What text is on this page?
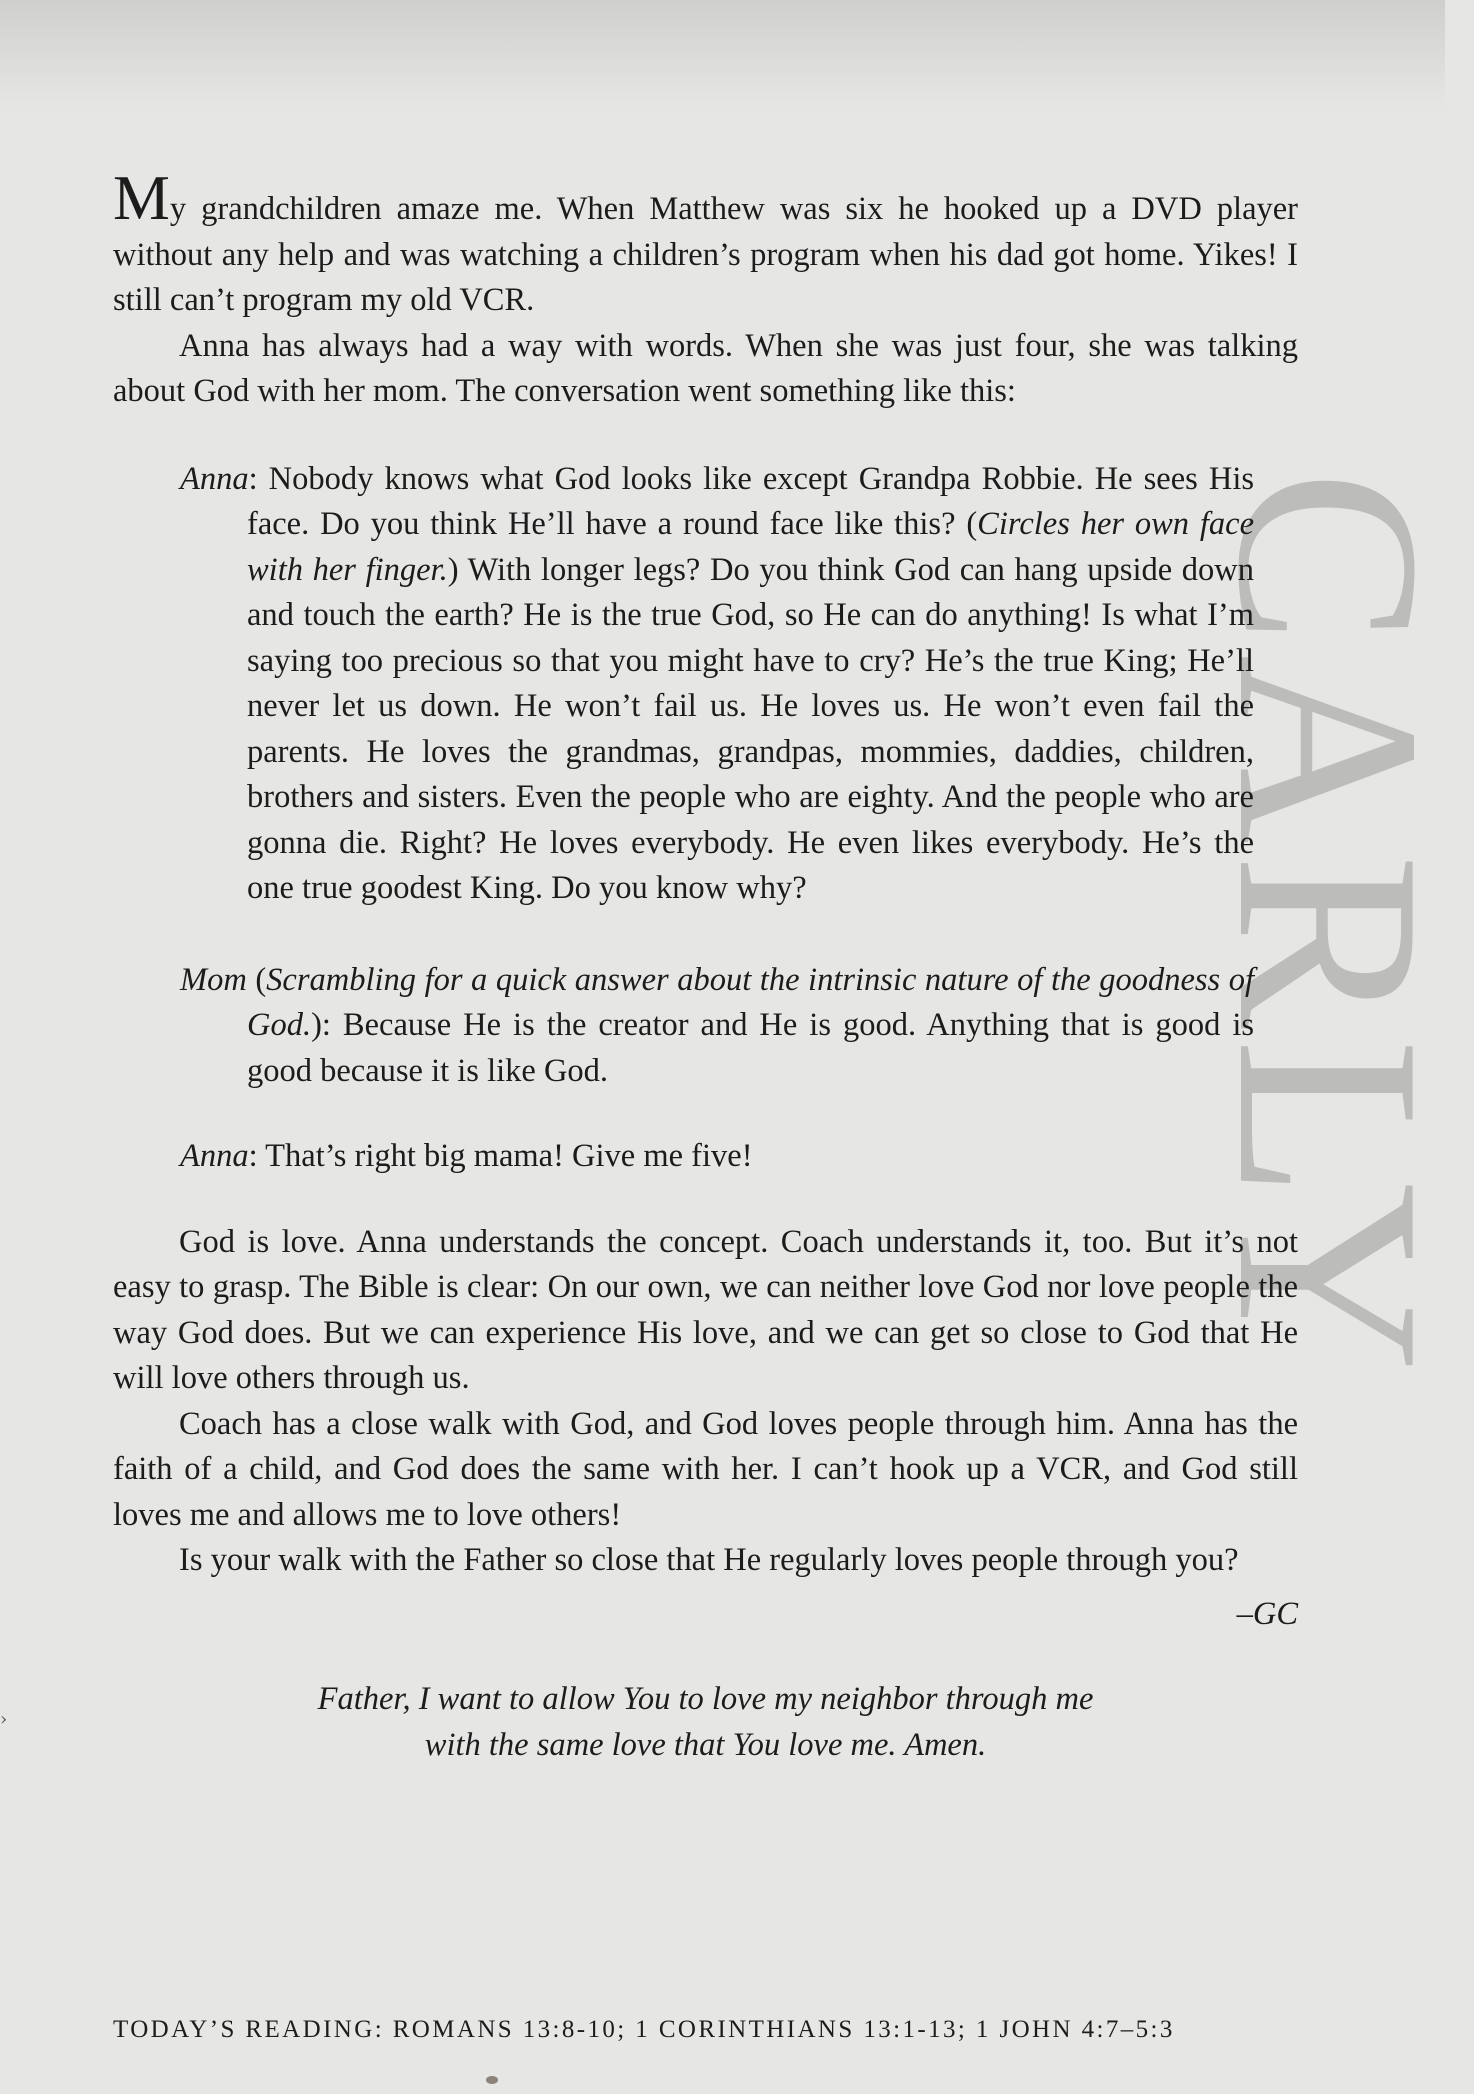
CARLY

My grandchildren amaze me. When Matthew was six he hooked up a DVD player without any help and was watching a children’s program when his dad got home. Yikes! I still can’t program my old VCR.

Anna has always had a way with words. When she was just four, she was talking about God with her mom. The conversation went something like this:

Anna: Nobody knows what God looks like except Grandpa Robbie. He sees His face. Do you think He’ll have a round face like this? (Circles her own face with her finger.) With longer legs? Do you think God can hang upside down and touch the earth? He is the true God, so He can do anything! Is what I’m saying too precious so that you might have to cry? He’s the true King; He’ll never let us down. He won’t fail us. He loves us. He won’t even fail the parents. He loves the grandmas, grandpas, mommies, daddies, children, brothers and sisters. Even the people who are eighty. And the people who are gonna die. Right? He loves everybody. He even likes everybody. He’s the one true goodest King. Do you know why?

Mom (Scrambling for a quick answer about the intrinsic nature of the goodness of God.): Because He is the creator and He is good. Anything that is good is good because it is like God.

Anna: That’s right big mama! Give me five!

God is love. Anna understands the concept. Coach understands it, too. But it’s not easy to grasp. The Bible is clear: On our own, we can neither love God nor love people the way God does. But we can experience His love, and we can get so close to God that He will love others through us.

Coach has a close walk with God, and God loves people through him. Anna has the faith of a child, and God does the same with her. I can’t hook up a VCR, and God still loves me and allows me to love others!

Is your walk with the Father so close that He regularly loves people through you?

–GC
Father, I want to allow You to love my neighbor through me
with the same love that You love me. Amen.
TODAY’S READING: ROMANS 13:8-10; 1 CORINTHIANS 13:1-13; 1 JOHN 4:7–5:3
›
